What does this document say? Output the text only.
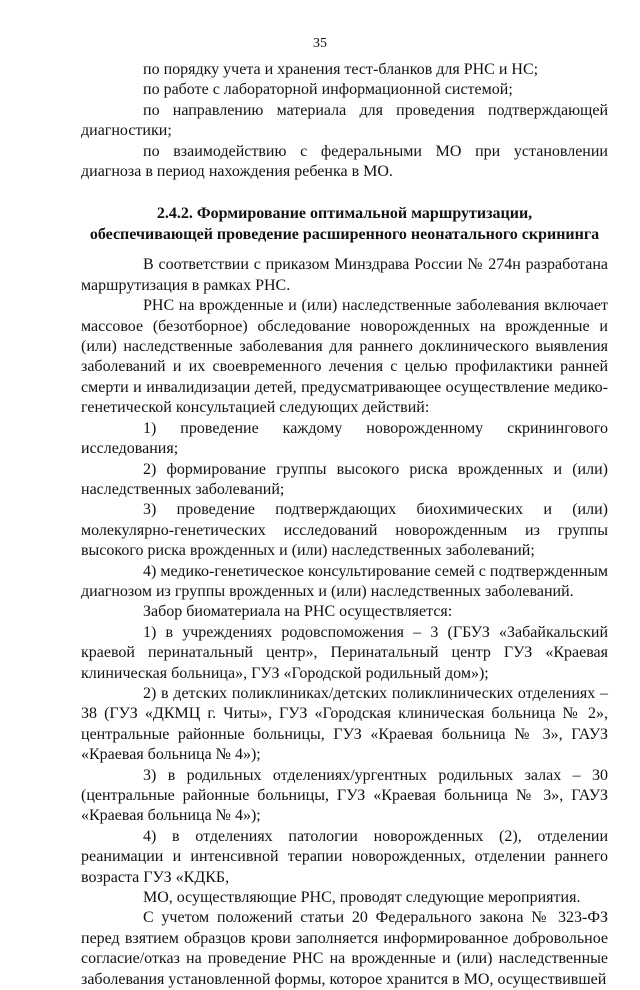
35

по порядку учета и хранения тест-бланков для РНС и НС;

по работе с лабораторной информационной системой;

по направлению материала для проведения подтверждающей диагностики;

по взаимодействию с федеральными МО при установлении диагноза в период нахождения ребенка в МО.

2.4.2. Формирование оптимальной маршрутизации,
обеспечивающей проведение расширенного неонатального скрининга

В соответствии с приказом Минздрава России № 274н разработана маршрутизация в рамках РНС.

РНС на врожденные и (или) наследственные заболевания включает массовое (безотборное) обследование новорожденных на врожденные и (или) наследственные заболевания для раннего доклинического выявления заболеваний и их своевременного лечения с целью профилактики ранней смерти и инвалидизации детей, предусматривающее осуществление медико-генетической консультацией следующих действий:

1) проведение каждому новорожденному скринингового исследования;

2) формирование группы высокого риска врожденных и (или) наследственных заболеваний;

3) проведение подтверждающих биохимических и (или) молекулярно-генетических исследований новорожденным из группы высокого риска врожденных и (или) наследственных заболеваний;

4) медико-генетическое консультирование семей с подтвержденным диагнозом из группы врожденных и (или) наследственных заболеваний.

Забор биоматериала на РНС осуществляется:

1) в учреждениях родовспоможения – 3 (ГБУЗ «Забайкальский краевой перинатальный центр», Перинатальный центр ГУЗ «Краевая клиническая больница», ГУЗ «Городской родильный дом»);

2) в детских поликлиниках/детских поликлинических отделениях – 38 (ГУЗ «ДКМЦ г. Читы», ГУЗ «Городская клиническая больница № 2», центральные районные больницы, ГУЗ «Краевая больница № 3», ГАУЗ «Краевая больница № 4»);

3) в родильных отделениях/ургентных родильных залах – 30 (центральные районные больницы, ГУЗ «Краевая больница № 3», ГАУЗ «Краевая больница № 4»);

4) в отделениях патологии новорожденных (2), отделении реанимации и интенсивной терапии новорожденных, отделении раннего возраста ГУЗ «КДКБ,

МО, осуществляющие РНС, проводят следующие мероприятия.

С учетом положений статьи 20 Федерального закона № 323-ФЗ перед взятием образцов крови заполняется информированное добровольное согласие/отказ на проведение РНС на врожденные и (или) наследственные заболевания установленной формы, которое хранится в МО, осуществившей
